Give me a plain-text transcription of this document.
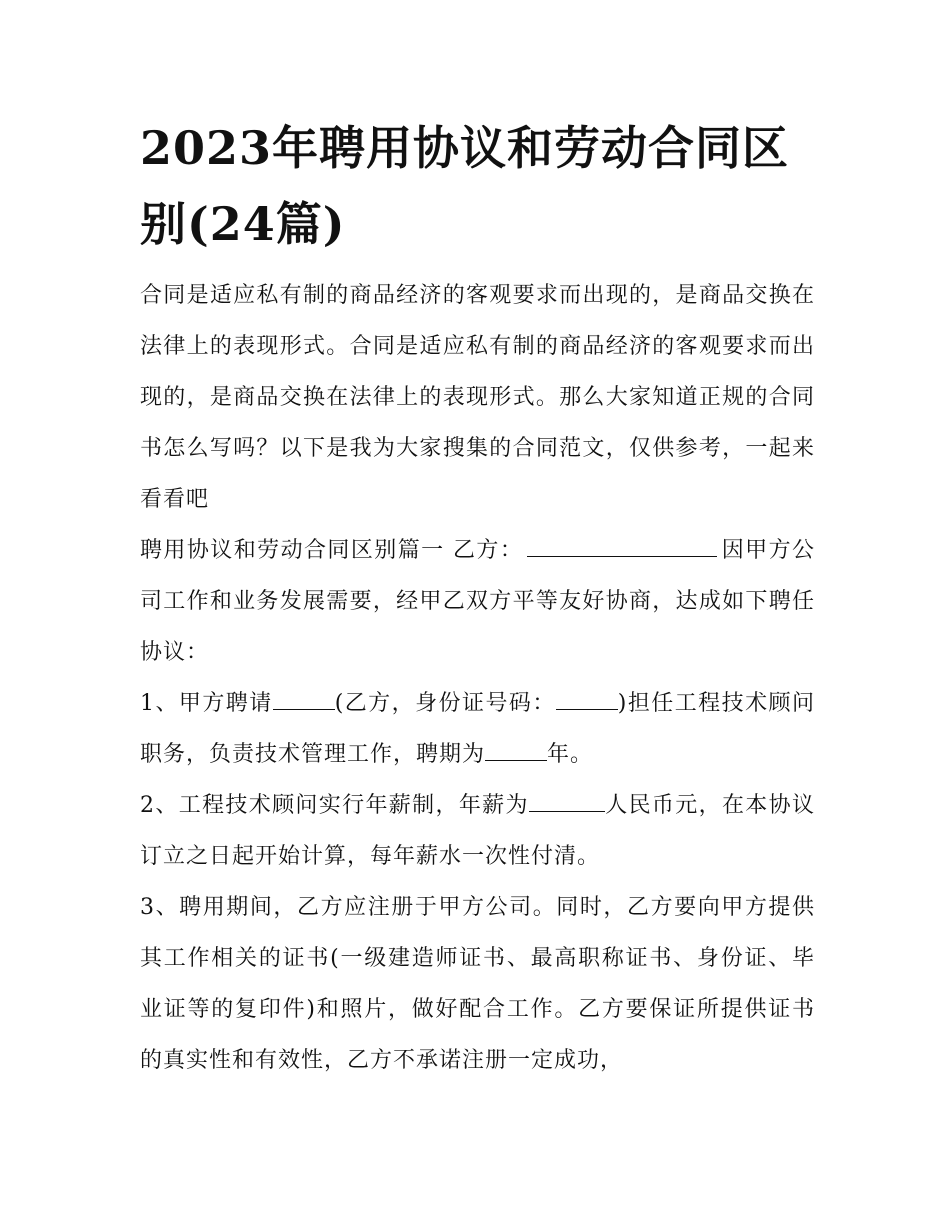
2023年聘用协议和劳动合同区别(24篇)

合同是适应私有制的商品经济的客观要求而出现的，是商品交换在法律上的表现形式。合同是适应私有制的商品经济的客观要求而出现的，是商品交换在法律上的表现形式。那么大家知道正规的合同书怎么写吗？以下是我为大家搜集的合同范文，仅供参考，一起来看看吧

聘用协议和劳动合同区别篇一 乙方：	因甲方公司工作和业务发展需要，经甲乙双方平等友好协商，达成如下聘任协议：

1、甲方聘请	(乙方，身份证号码：	)担任工程技术顾问职务，负责技术管理工作，聘期为	年。

2、工程技术顾问实行年薪制，年薪为	人民币元，在本协议订立之日起开始计算，每年薪水一次性付清。

3、聘用期间，乙方应注册于甲方公司。同时，乙方要向甲方提供其工作相关的证书(一级建造师证书、最高职称证书、身份证、毕业证等的复印件)和照片，做好配合工作。乙方要保证所提供证书的真实性和有效性，乙方不承诺注册一定成功，
